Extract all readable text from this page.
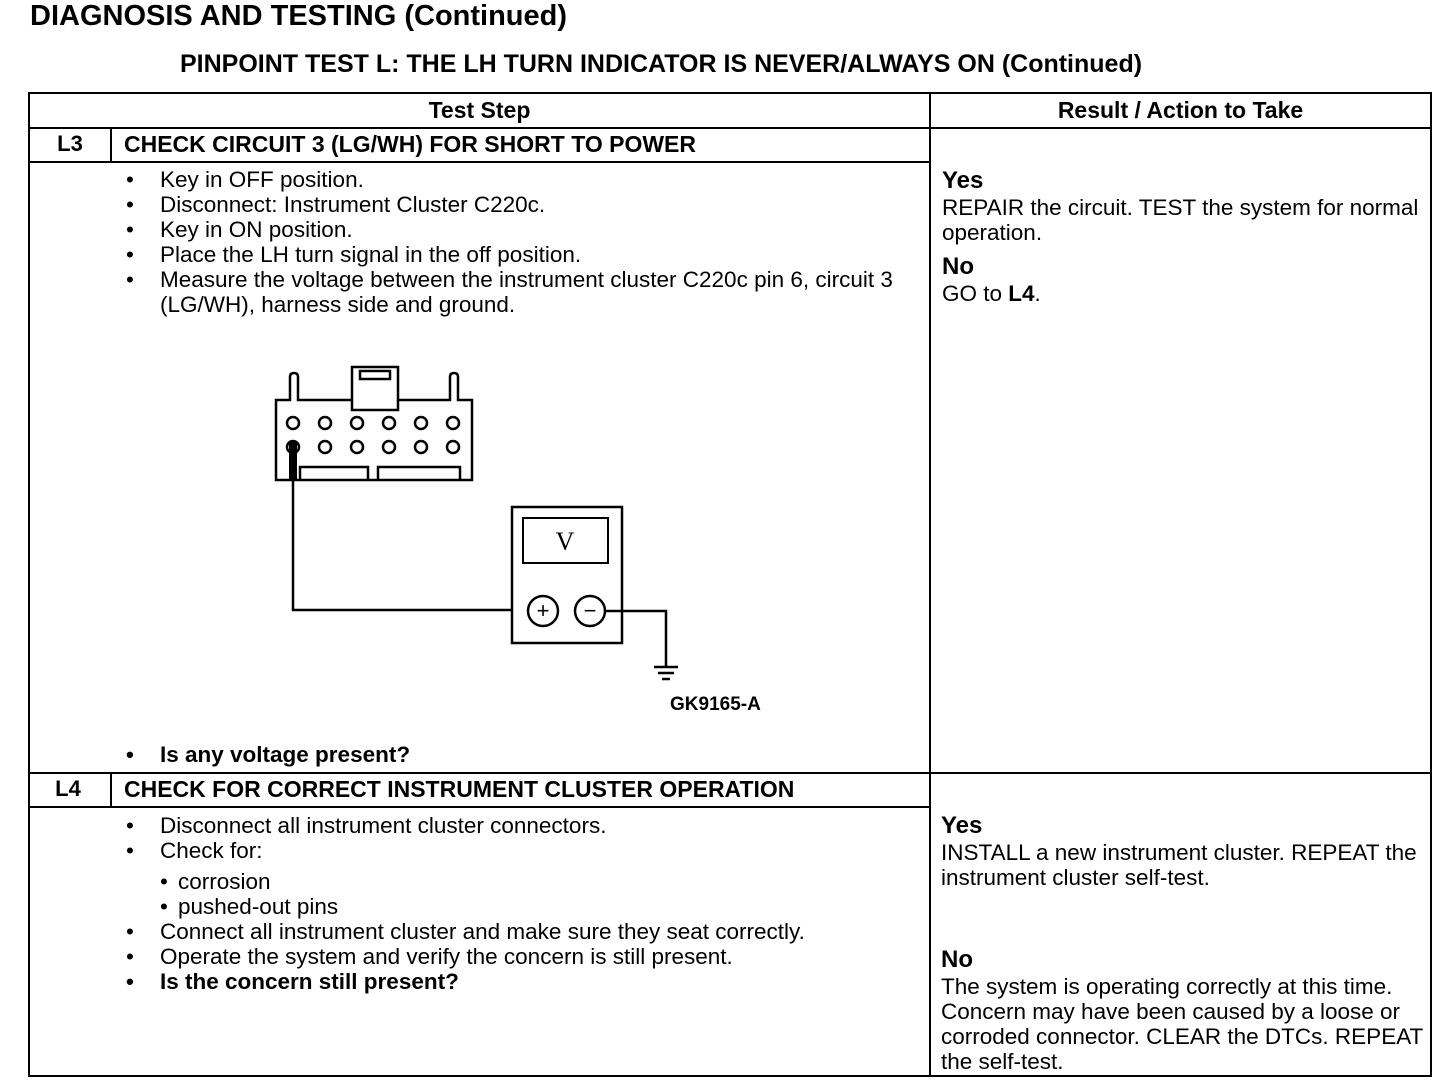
DIAGNOSIS AND TESTING (Continued)
PINPOINT TEST L: THE LH TURN INDICATOR IS NEVER/ALWAYS ON (Continued)
Test Step	Result / Action to Take
L3	CHECK CIRCUIT 3 (LG/WH) FOR SHORT TO POWER
• Key in OFF position.
• Disconnect: Instrument Cluster C220c.
• Key in ON position.
• Place the LH turn signal in the off position.
• Measure the voltage between the instrument cluster C220c pin 6, circuit 3 (LG/WH), harness side and ground.
V
+ −
GK9165-A
• Is any voltage present?
Yes
REPAIR the circuit. TEST the system for normal operation.
No
GO to L4.
L4	CHECK FOR CORRECT INSTRUMENT CLUSTER OPERATION
• Disconnect all instrument cluster connectors.
• Check for:
• corrosion
• pushed-out pins
• Connect all instrument cluster and make sure they seat correctly.
• Operate the system and verify the concern is still present.
• Is the concern still present?
Yes
INSTALL a new instrument cluster. REPEAT the instrument cluster self-test.
No
The system is operating correctly at this time. Concern may have been caused by a loose or corroded connector. CLEAR the DTCs. REPEAT the self-test.
